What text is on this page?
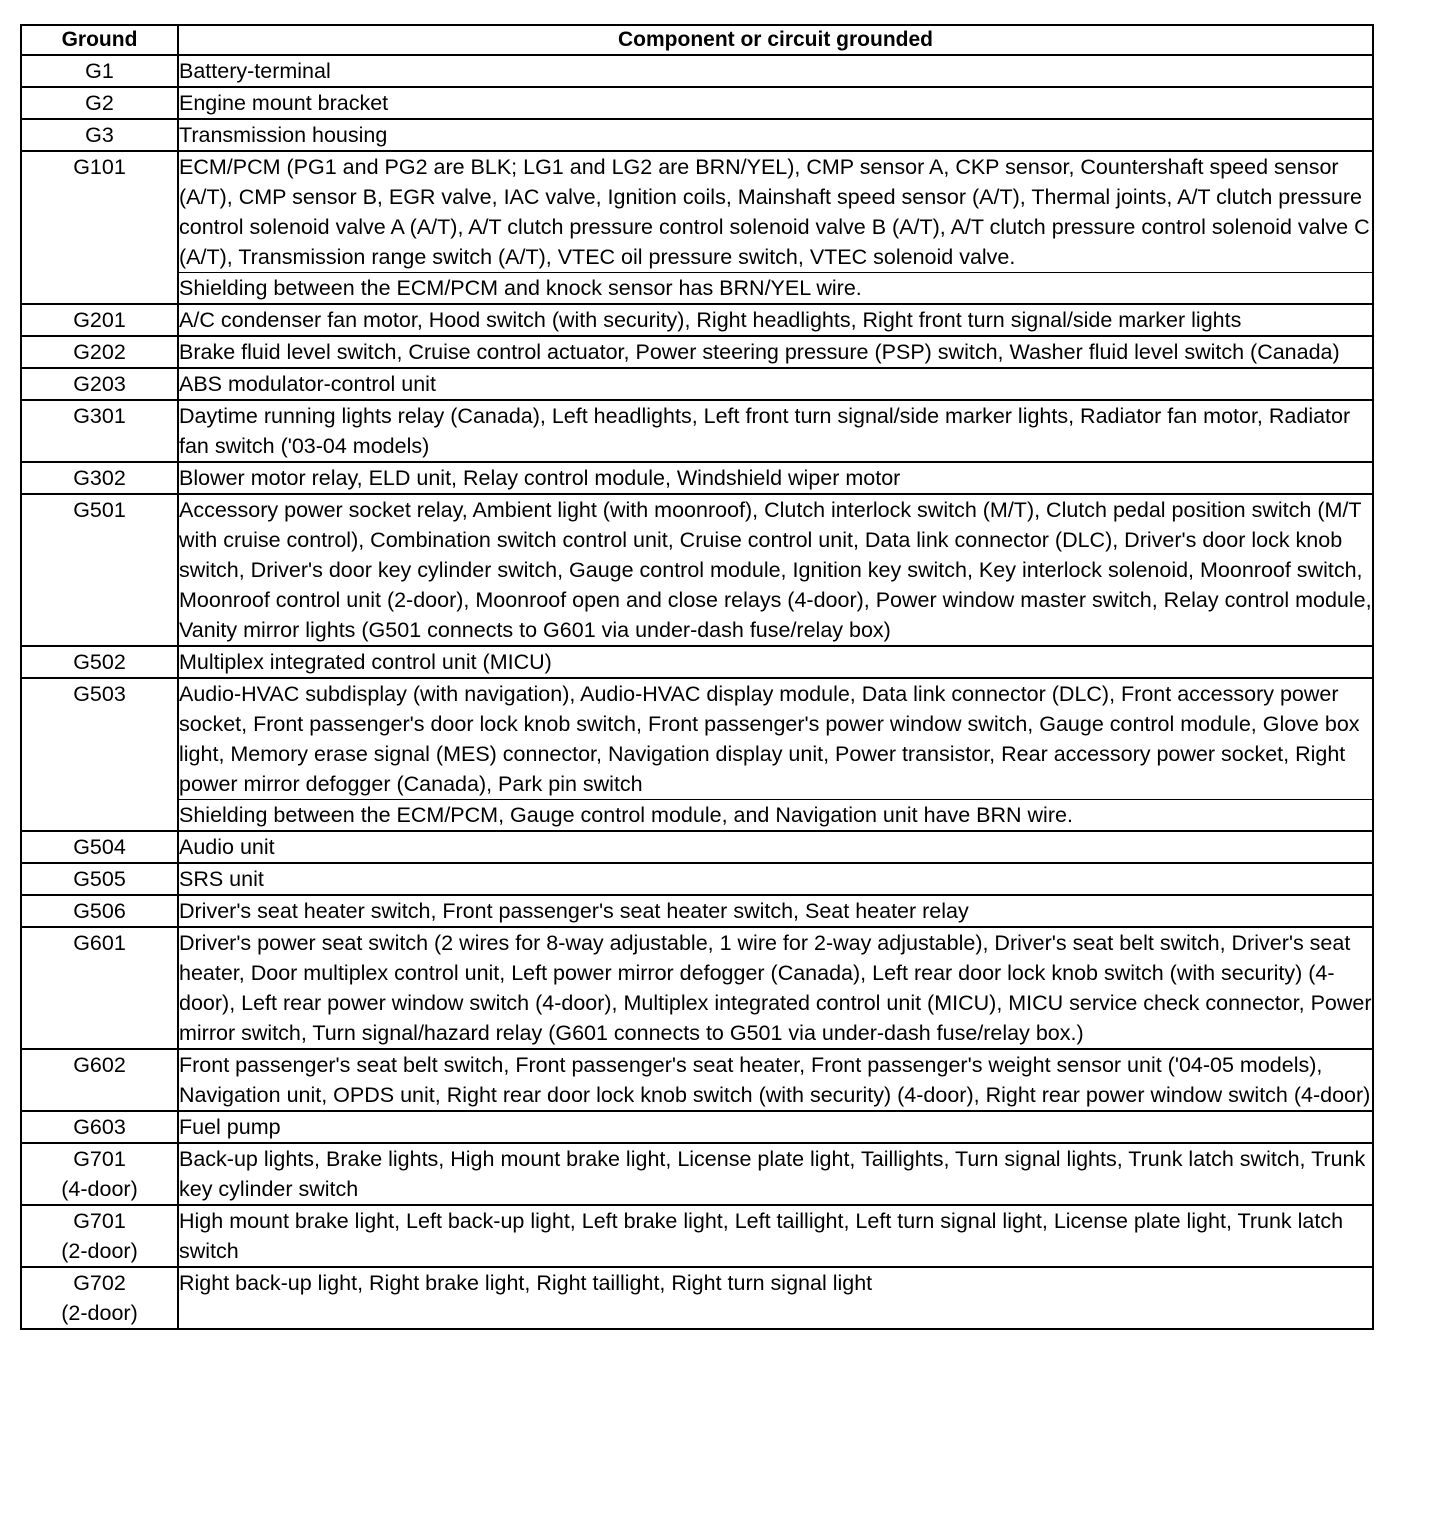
Ground	Component or circuit grounded

G1	Battery-terminal

G2	Engine mount bracket

G3	Transmission housing

G101	ECM/PCM (PG1 and PG2 are BLK; LG1 and LG2 are BRN/YEL), CMP sensor A, CKP sensor, Countershaft speed sensor (A/T), CMP sensor B, EGR valve, IAC valve, Ignition coils, Mainshaft speed sensor (A/T), Thermal joints, A/T clutch pressure control solenoid valve A (A/T), A/T clutch pressure control solenoid valve B (A/T), A/T clutch pressure control solenoid valve C (A/T), Transmission range switch (A/T), VTEC oil pressure switch, VTEC solenoid valve.
Shielding between the ECM/PCM and knock sensor has BRN/YEL wire.

G201	A/C condenser fan motor, Hood switch (with security), Right headlights, Right front turn signal/side marker lights

G202	Brake fluid level switch, Cruise control actuator, Power steering pressure (PSP) switch, Washer fluid level switch (Canada)

G203	ABS modulator-control unit

G301	Daytime running lights relay (Canada), Left headlights, Left front turn signal/side marker lights, Radiator fan motor, Radiator fan switch ('03-04 models)

G302	Blower motor relay, ELD unit, Relay control module, Windshield wiper motor

G501	Accessory power socket relay, Ambient light (with moonroof), Clutch interlock switch (M/T), Clutch pedal position switch (M/T with cruise control), Combination switch control unit, Cruise control unit, Data link connector (DLC), Driver's door lock knob switch, Driver's door key cylinder switch, Gauge control module, Ignition key switch, Key interlock solenoid, Moonroof switch, Moonroof control unit (2-door), Moonroof open and close relays (4-door), Power window master switch, Relay control module, Vanity mirror lights (G501 connects to G601 via under-dash fuse/relay box)

G502	Multiplex integrated control unit (MICU)

G503	Audio-HVAC subdisplay (with navigation), Audio-HVAC display module, Data link connector (DLC), Front accessory power socket, Front passenger's door lock knob switch, Front passenger's power window switch, Gauge control module, Glove box light, Memory erase signal (MES) connector, Navigation display unit, Power transistor, Rear accessory power socket, Right power mirror defogger (Canada), Park pin switch
Shielding between the ECM/PCM, Gauge control module, and Navigation unit have BRN wire.

G504	Audio unit

G505	SRS unit

G506	Driver's seat heater switch, Front passenger's seat heater switch, Seat heater relay

G601	Driver's power seat switch (2 wires for 8-way adjustable, 1 wire for 2-way adjustable), Driver's seat belt switch, Driver's seat heater, Door multiplex control unit, Left power mirror defogger (Canada), Left rear door lock knob switch (with security) (4-door), Left rear power window switch (4-door), Multiplex integrated control unit (MICU), MICU service check connector, Power mirror switch, Turn signal/hazard relay (G601 connects to G501 via under-dash fuse/relay box.)

G602	Front passenger's seat belt switch, Front passenger's seat heater, Front passenger's weight sensor unit ('04-05 models), Navigation unit, OPDS unit, Right rear door lock knob switch (with security) (4-door), Right rear power window switch (4-door)

G603	Fuel pump

G701
(4-door)	Back-up lights, Brake lights, High mount brake light, License plate light, Taillights, Turn signal lights, Trunk latch switch, Trunk key cylinder switch

G701
(2-door)	High mount brake light, Left back-up light, Left brake light, Left taillight, Left turn signal light, License plate light, Trunk latch switch

G702
(2-door)	Right back-up light, Right brake light, Right taillight, Right turn signal light
